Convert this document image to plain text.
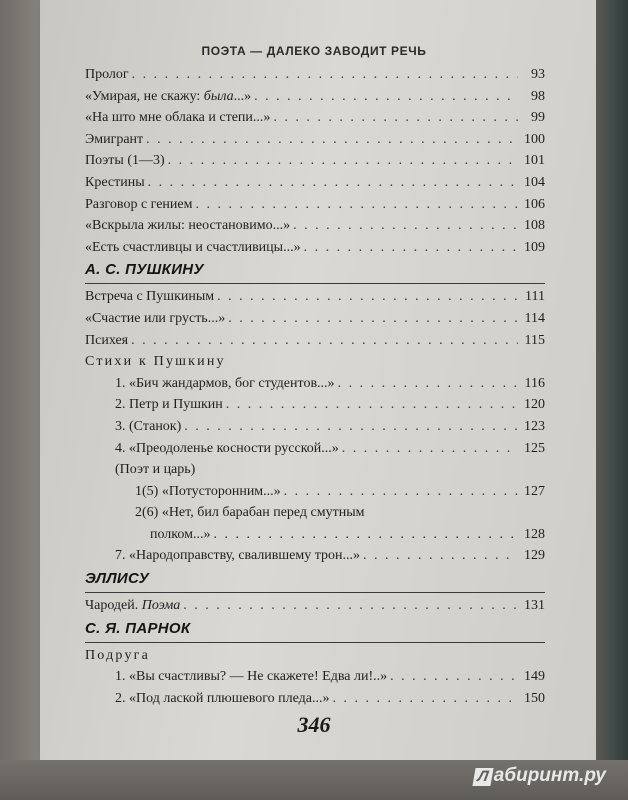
ПОЭТА — ДАЛЕКО ЗАВОДИТ РЕЧЬ
Пролог . . .	93
«Умирая, не скажу: была...» . . .	98
«На што мне облака и степи...» . . .	99
Эмигрант . . .	100
Поэты (1—3) . . .	101
Крестины . . .	104
Разговор с гением . . .	106
«Вскрыла жилы: неостановимо...» . . .	108
«Есть счастливцы и счастливицы...» . . .	109
А. С. ПУШКИНУ
Встреча с Пушкиным . . .	111
«Счастие или грусть...» . . .	114
Психея . . .	115
Стихи к Пушкину
1. «Бич жандармов, бог студентов...» . . .	116
2. Петр и Пушкин . . .	120
3. (Станок) . . .	123
4. «Преодоленье косности русской...» . . .	125
(Поэт и царь)
1(5) «Потусторонним...» . . .	127
2(6) «Нет, бил барабан перед смутным
полком...» . . .	128
7. «Народоправству, свалившему трон...» . . .	129
ЭЛЛИСУ
Чародей. Поэма . . .	131
С. Я. ПАРНОК
Подруга
1. «Вы счастливы? — Не скажете! Едва ли!..» . . .	149
2. «Под лаской плюшевого пледа...» . . .	150
346
Л абиринт.ру
